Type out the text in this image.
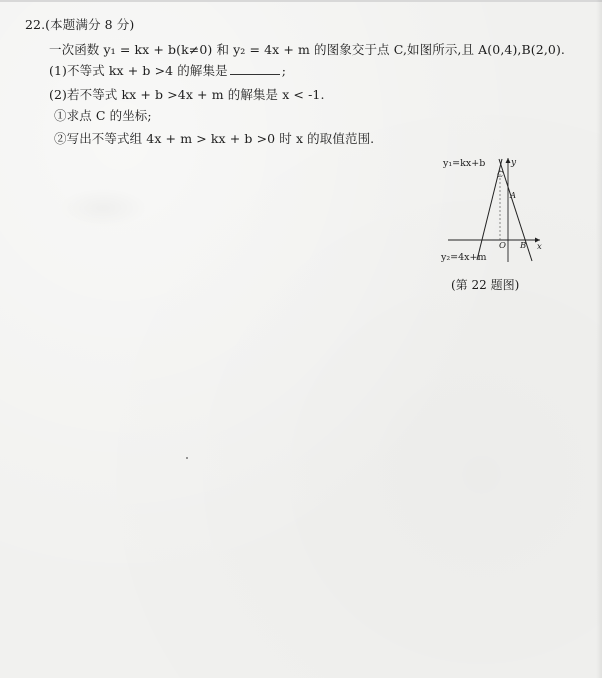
22.(本题满分 8 分)
一次函数 y₁ = kx + b(k≠0) 和 y₂ = 4x + m 的图象交于点 C,如图所示,且 A(0,4),B(2,0).
(1)不等式 kx + b >4 的解集是	;
(2)若不等式 kx + b >4x + m 的解集是 x < -1.
①求点 C 的坐标;
②写出不等式组 4x + m > kx + b >0 时 x 的取值范围.
y₁=kx+b	y
C
A
O B x
y₂=4x+m
(第 22 题图)
